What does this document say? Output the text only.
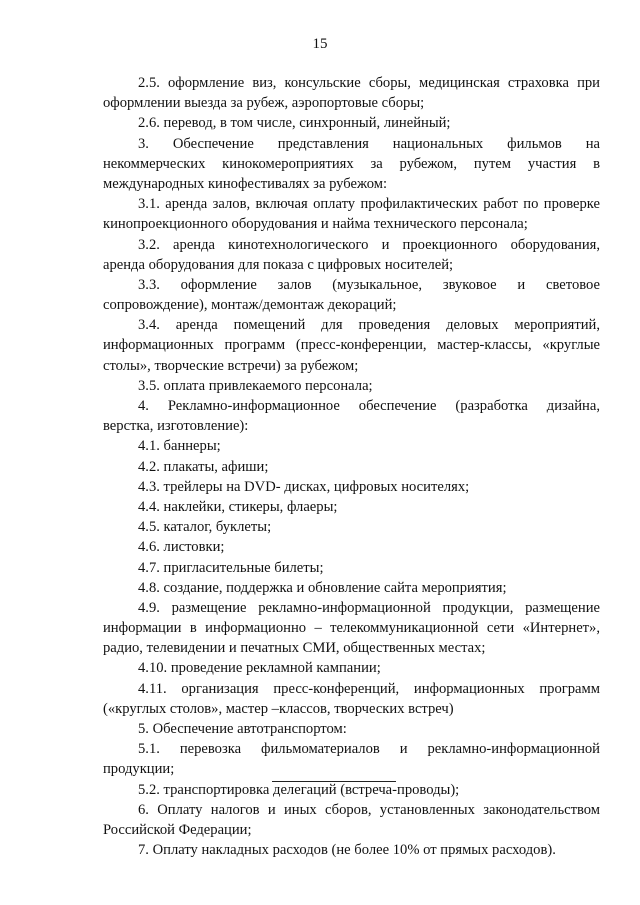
15
2.5. оформление виз, консульские сборы, медицинская страховка при
оформлении выезда за рубеж, аэропортовые сборы;
2.6. перевод, в том числе, синхронный, линейный;
3. Обеспечение представления национальных фильмов на
некоммерческих кинокомероприятиях за рубежом, путем участия в
международных кинофестивалях за рубежом:
3.1. аренда залов, включая оплату профилактических работ по проверке
кинопроекционного оборудования и найма технического персонала;
3.2. аренда кинотехнологического и проекционного оборудования,
аренда оборудования для показа с цифровых носителей;
3.3. оформление залов (музыкальное, звуковое и световое
сопровождение), монтаж/демонтаж декораций;
3.4. аренда помещений для проведения деловых мероприятий,
информационных программ (пресс-конференции, мастер-классы, «круглые
столы», творческие встречи) за рубежом;
3.5. оплата привлекаемого персонала;
4. Рекламно-информационное обеспечение (разработка дизайна,
верстка, изготовление):
4.1. баннеры;
4.2. плакаты, афиши;
4.3. трейлеры на DVD- дисках, цифровых носителях;
4.4. наклейки, стикеры, флаеры;
4.5. каталог, буклеты;
4.6. листовки;
4.7. пригласительные билеты;
4.8. создание, поддержка и обновление сайта мероприятия;
4.9. размещение рекламно-информационной продукции, размещение
информации в информационно – телекоммуникационной сети «Интернет»,
радио, телевидении и печатных СМИ, общественных местах;
4.10. проведение рекламной кампании;
4.11. организация пресс-конференций, информационных программ
(«круглых столов», мастер –классов, творческих встреч)
5. Обеспечение автотранспортом:
5.1. перевозка фильмоматериалов и рекламно-информационной
продукции;
5.2. транспортировка делегаций (встреча-проводы);
6. Оплату налогов и иных сборов, установленных законодательством
Российской Федерации;
7. Оплату накладных расходов (не более 10% от прямых расходов).
